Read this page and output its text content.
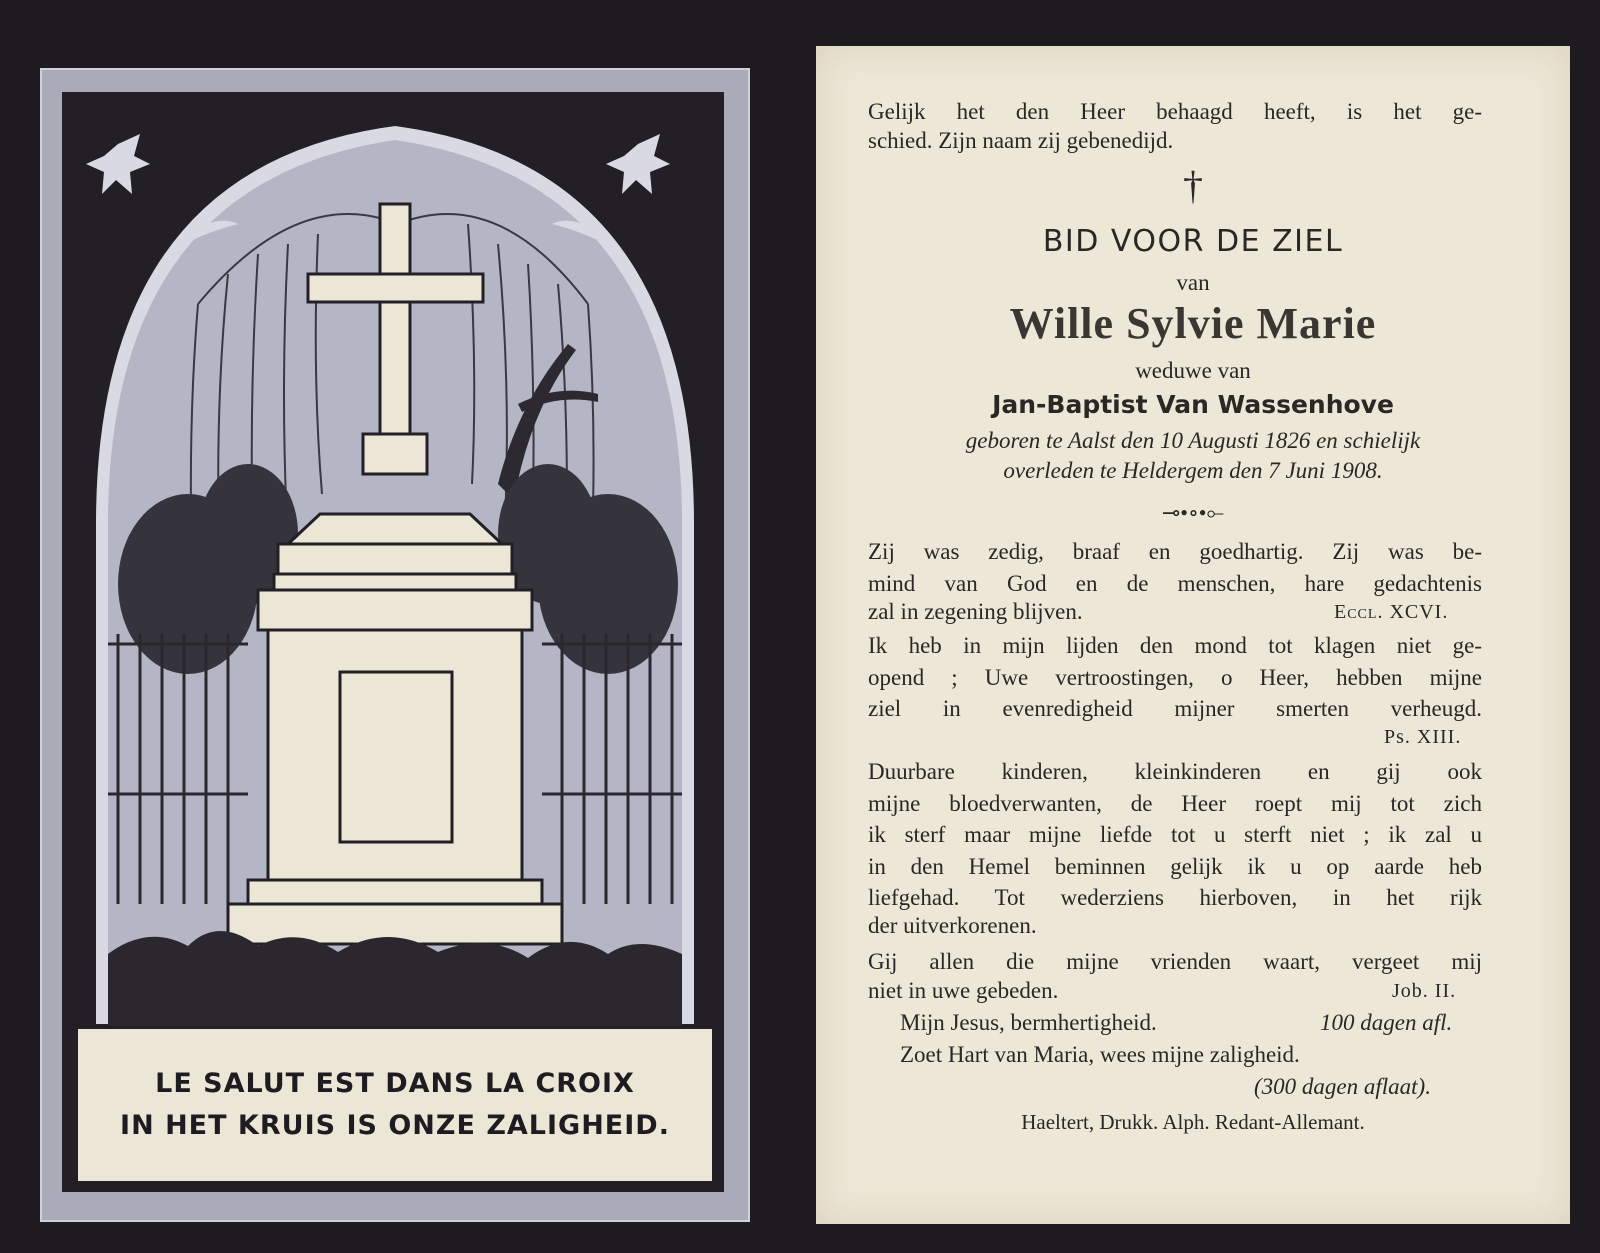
LE SALUT EST DANS LA CROIX
IN HET KRUIS IS ONZE ZALIGHEID.
Gelijk het den Heer behaagd heeft, is het ge-
schied. Zijn naam zij gebenedijd.
†
BID VOOR DE ZIEL
van
Wille Sylvie Marie
weduwe van
Jan-Baptist Van Wassenhove
geboren te Aalst den 10 Augusti 1826 en schielijk
overleden te Heldergem den 7 Juni 1908.
⊸•∘•⟜
Zij was zedig, braaf en goedhartig. Zij was be-
mind van God en de menschen, hare gedachtenis
zal in zegening blijven.	Eccl. XCVI.
Ik heb in mijn lijden den mond tot klagen niet ge-
opend ; Uwe vertroostingen, o Heer, hebben mijne
ziel in evenredigheid mijner smerten verheugd.
Ps. XIII.
Duurbare kinderen, kleinkinderen en gij ook
mijne bloedverwanten, de Heer roept mij tot zich
ik sterf maar mijne liefde tot u sterft niet ; ik zal u
in den Hemel beminnen gelijk ik u op aarde heb
liefgehad. Tot wederziens hierboven, in het rijk
der uitverkorenen.
Gij allen die mijne vrienden waart, vergeet mij
niet in uwe gebeden.	Job. II.
Mijn Jesus, bermhertigheid.	100 dagen afl.
Zoet Hart van Maria, wees mijne zaligheid.
(300 dagen aflaat).
Haeltert, Drukk. Alph. Redant-Allemant.
